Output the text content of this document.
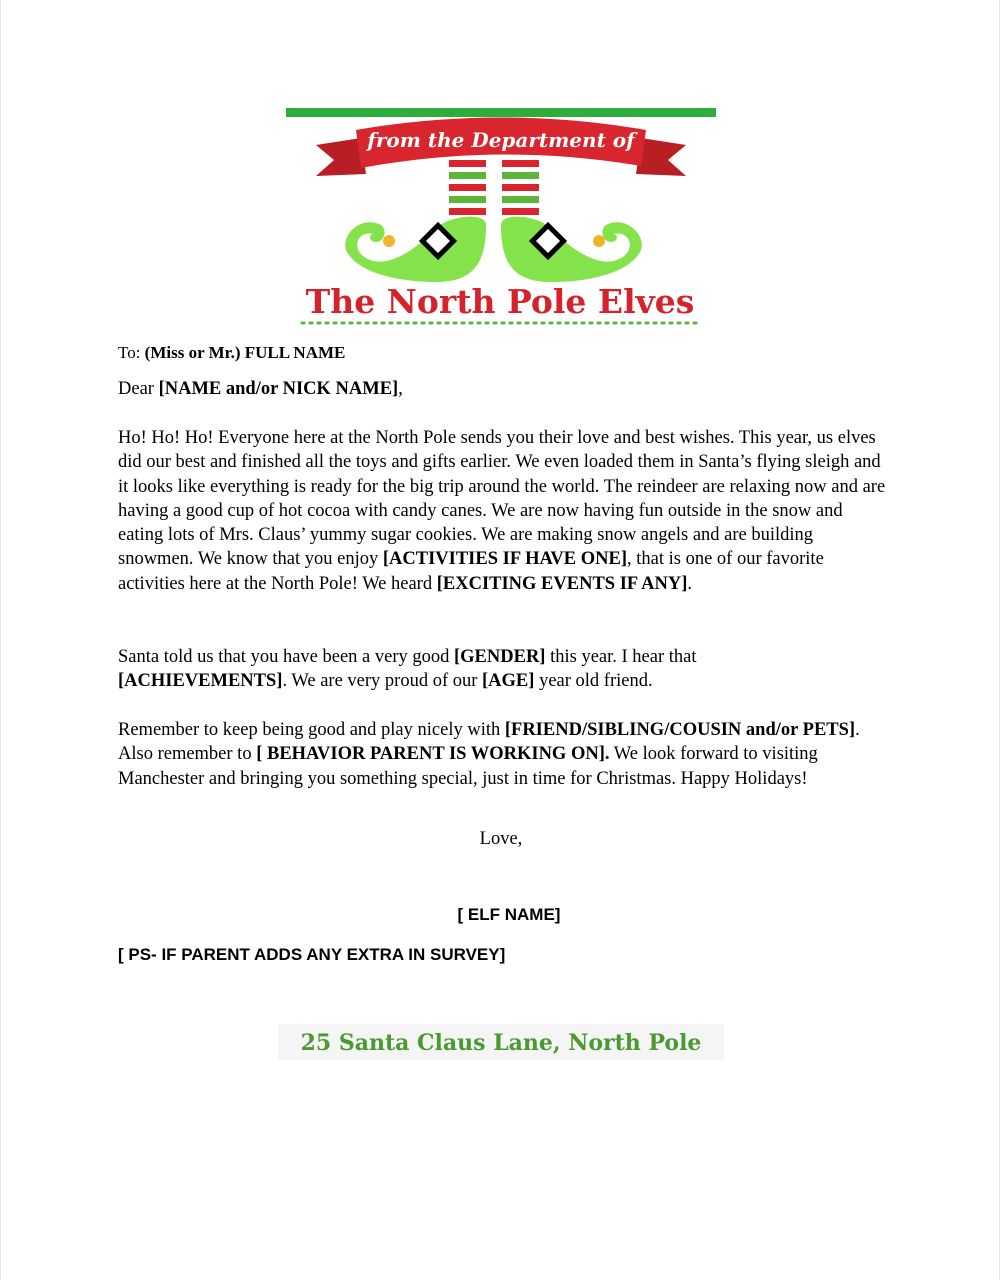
from the Department of
The North Pole Elves
To: (Miss or Mr.) FULL NAME
Dear [NAME and/or NICK NAME],
Ho! Ho! Ho! Everyone here at the North Pole sends you their love and best wishes. This year, us elves did our best and finished all the toys and gifts earlier. We even loaded them in Santa’s flying sleigh and it looks like everything is ready for the big trip around the world. The reindeer are relaxing now and are having a good cup of hot cocoa with candy canes. We are now having fun outside in the snow and eating lots of Mrs. Claus’ yummy sugar cookies. We are making snow angels and are building snowmen. We know that you enjoy [ACTIVITIES IF HAVE ONE], that is one of our favorite activities here at the North Pole! We heard [EXCITING EVENTS IF ANY].
Santa told us that you have been a very good [GENDER] this year. I hear that [ACHIEVEMENTS]. We are very proud of our [AGE] year old friend.
Remember to keep being good and play nicely with [FRIEND/SIBLING/COUSIN and/or PETS]. Also remember to [ BEHAVIOR PARENT IS WORKING ON]. We look forward to visiting Manchester and bringing you something special, just in time for Christmas. Happy Holidays!
Love,
[ ELF NAME]
[ PS- IF PARENT ADDS ANY EXTRA IN SURVEY]
25 Santa Claus Lane, North Pole
